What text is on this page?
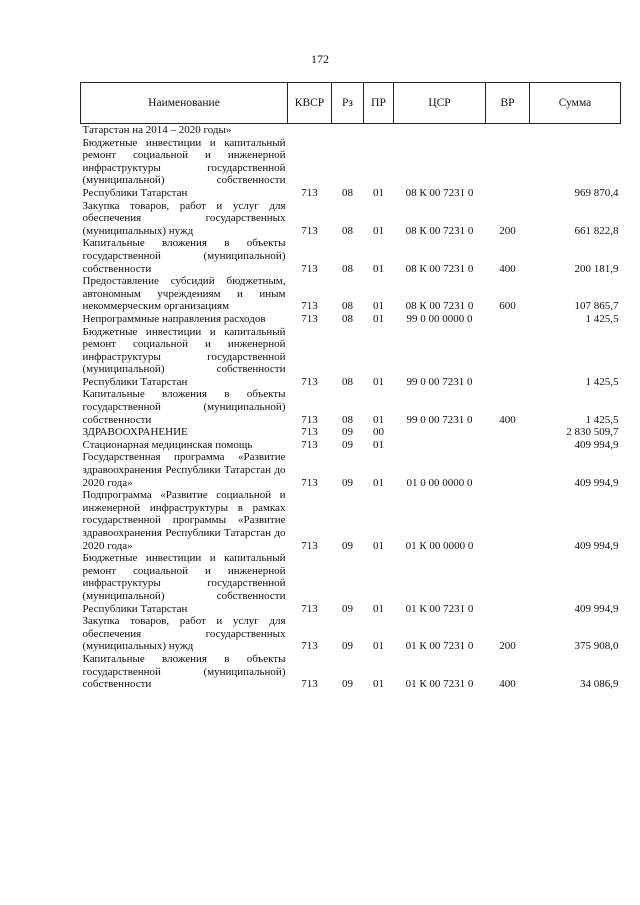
172
Наименование	КВСР	Рз	ПР	ЦСР	ВР	Сумма
Татарстан на 2014 – 2020 годы»						
Бюджетные инвестиции и капитальный ремонт социальной и инженерной инфраструктуры государственной (муниципальной) собственности Республики Татарстан	713	08	01	08 К 00 7231 0		969 870,4
Закупка товаров, работ и услуг для обеспечения государственных (муниципальных) нужд	713	08	01	08 К 00 7231 0	200	661 822,8
Капитальные вложения в объекты государственной (муниципальной) собственности	713	08	01	08 К 00 7231 0	400	200 181,9
Предоставление субсидий бюджетным, автономным учреждениям и иным некоммерческим организациям	713	08	01	08 К 00 7231 0	600	107 865,7
Непрограммные направления расходов	713	08	01	99 0 00 0000 0		1 425,5
Бюджетные инвестиции и капитальный ремонт социальной и инженерной инфраструктуры государственной (муниципальной) собственности Республики Татарстан	713	08	01	99 0 00 7231 0		1 425,5
Капитальные вложения в объекты государственной (муниципальной) собственности	713	08	01	99 0 00 7231 0	400	1 425,5
ЗДРАВООХРАНЕНИЕ	713	09	00			2 830 509,7
Стационарная медицинская помощь	713	09	01			409 994,9
Государственная программа «Развитие здравоохранения Республики Татарстан до 2020 года»	713	09	01	01 0 00 0000 0		409 994,9
Подпрограмма «Развитие социальной и инженерной инфраструктуры в рамках государственной программы «Развитие здравоохранения Республики Татарстан до 2020 года»	713	09	01	01 К 00 0000 0		409 994,9
Бюджетные инвестиции и капитальный ремонт социальной и инженерной инфраструктуры государственной (муниципальной) собственности Республики Татарстан	713	09	01	01 К 00 7231 0		409 994,9
Закупка товаров, работ и услуг для обеспечения государственных (муниципальных) нужд	713	09	01	01 К 00 7231 0	200	375 908,0
Капитальные вложения в объекты государственной (муниципальной) собственности	713	09	01	01 К 00 7231 0	400	34 086,9
